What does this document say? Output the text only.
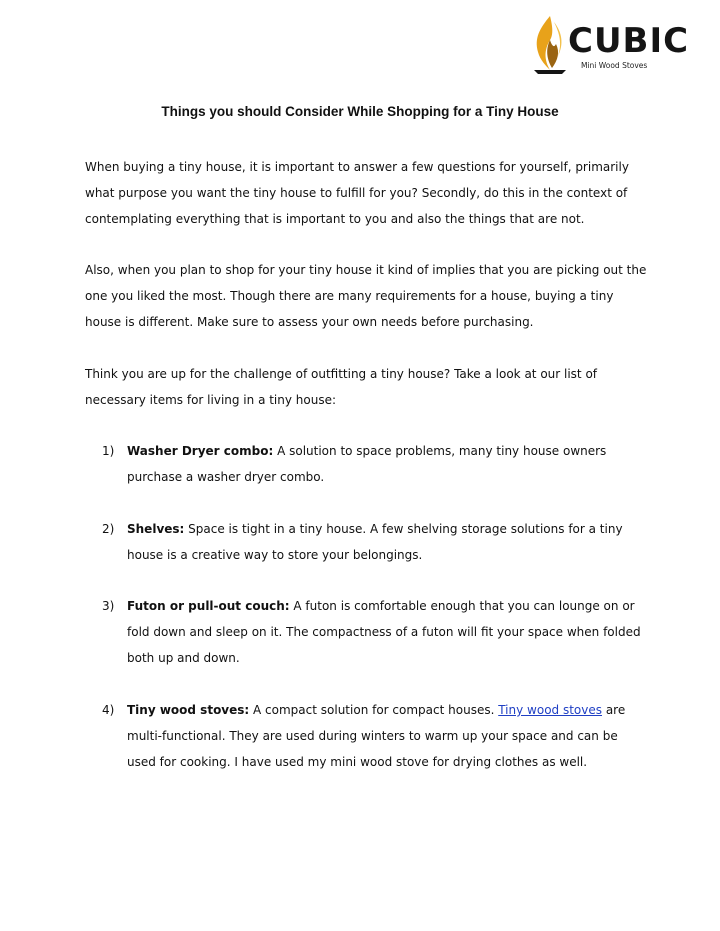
CUBIC
Mini Wood Stoves
Things you should Consider While Shopping for a Tiny House

When buying a tiny house, it is important to answer a few questions for yourself, primarily what purpose you want the tiny house to fulfill for you? Secondly, do this in the context of contemplating everything that is important to you and also the things that are not.

Also, when you plan to shop for your tiny house it kind of implies that you are picking out the one you liked the most. Though there are many requirements for a house, buying a tiny house is different. Make sure to assess your own needs before purchasing.

Think you are up for the challenge of outfitting a tiny house? Take a look at our list of necessary items for living in a tiny house:

1)	Washer Dryer combo: A solution to space problems, many tiny house owners purchase a washer dryer combo.
2)	Shelves: Space is tight in a tiny house. A few shelving storage solutions for a tiny house is a creative way to store your belongings.
3)	Futon or pull-out couch: A futon is comfortable enough that you can lounge on or fold down and sleep on it. The compactness of a futon will fit your space when folded both up and down.
4)	Tiny wood stoves: A compact solution for compact houses. Tiny wood stoves are multi-functional. They are used during winters to warm up your space and can be used for cooking. I have used my mini wood stove for drying clothes as well.
